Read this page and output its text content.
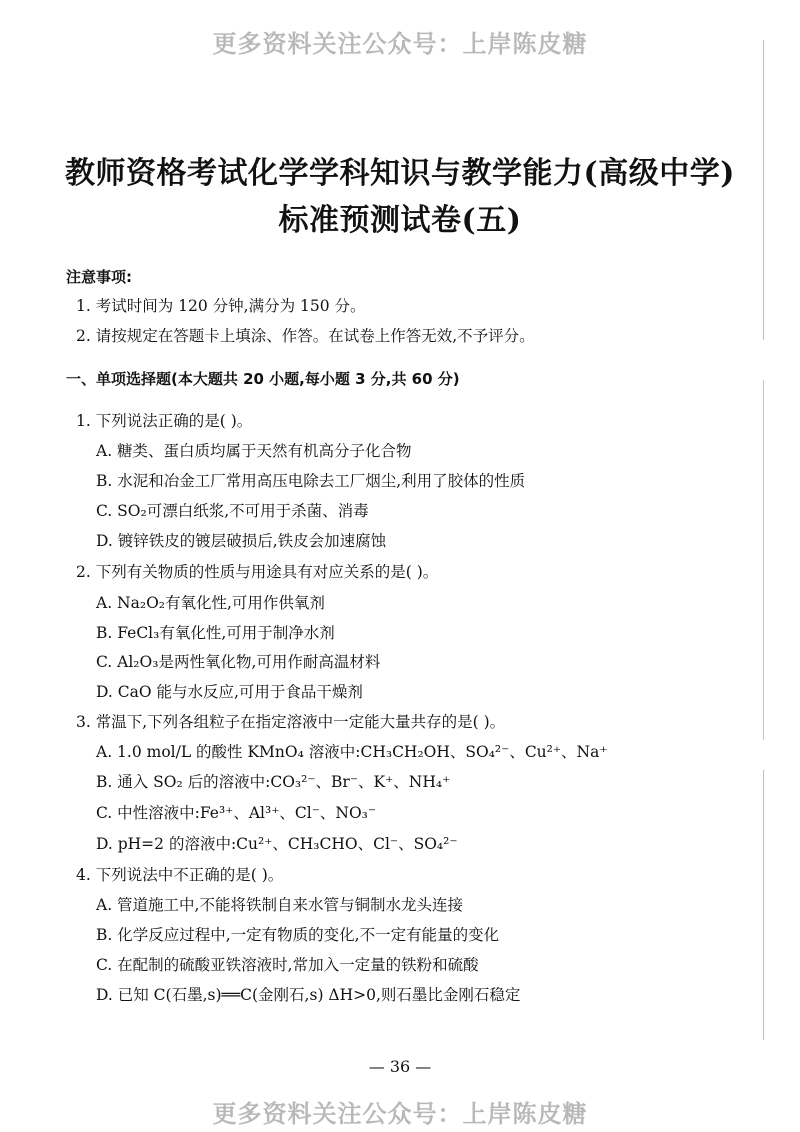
更多资料关注公众号：上岸陈皮糖
教师资格考试化学学科知识与教学能力(高级中学)
标准预测试卷(五)
注意事项:
1. 考试时间为 120 分钟,满分为 150 分。
2. 请按规定在答题卡上填涂、作答。在试卷上作答无效,不予评分。
一、单项选择题(本大题共 20 小题,每小题 3 分,共 60 分)
1. 下列说法正确的是( )。
A. 糖类、蛋白质均属于天然有机高分子化合物
B. 水泥和冶金工厂常用高压电除去工厂烟尘,利用了胶体的性质
C. SO₂可漂白纸浆,不可用于杀菌、消毒
D. 镀锌铁皮的镀层破损后,铁皮会加速腐蚀
2. 下列有关物质的性质与用途具有对应关系的是( )。
A. Na₂O₂有氧化性,可用作供氧剂
B. FeCl₃有氧化性,可用于制净水剂
C. Al₂O₃是两性氧化物,可用作耐高温材料
D. CaO 能与水反应,可用于食品干燥剂
3. 常温下,下列各组粒子在指定溶液中一定能大量共存的是( )。
A. 1.0 mol/L 的酸性 KMnO₄ 溶液中:CH₃CH₂OH、SO₄²⁻、Cu²⁺、Na⁺
B. 通入 SO₂ 后的溶液中:CO₃²⁻、Br⁻、K⁺、NH₄⁺
C. 中性溶液中:Fe³⁺、Al³⁺、Cl⁻、NO₃⁻
D. pH=2 的溶液中:Cu²⁺、CH₃CHO、Cl⁻、SO₄²⁻
4. 下列说法中不正确的是( )。
A. 管道施工中,不能将铁制自来水管与铜制水龙头连接
B. 化学反应过程中,一定有物质的变化,不一定有能量的变化
C. 在配制的硫酸亚铁溶液时,常加入一定量的铁粉和硫酸
D. 已知 C(石墨,s)══C(金刚石,s) ΔH>0,则石墨比金刚石稳定
— 36 —
更多资料关注公众号：上岸陈皮糖
